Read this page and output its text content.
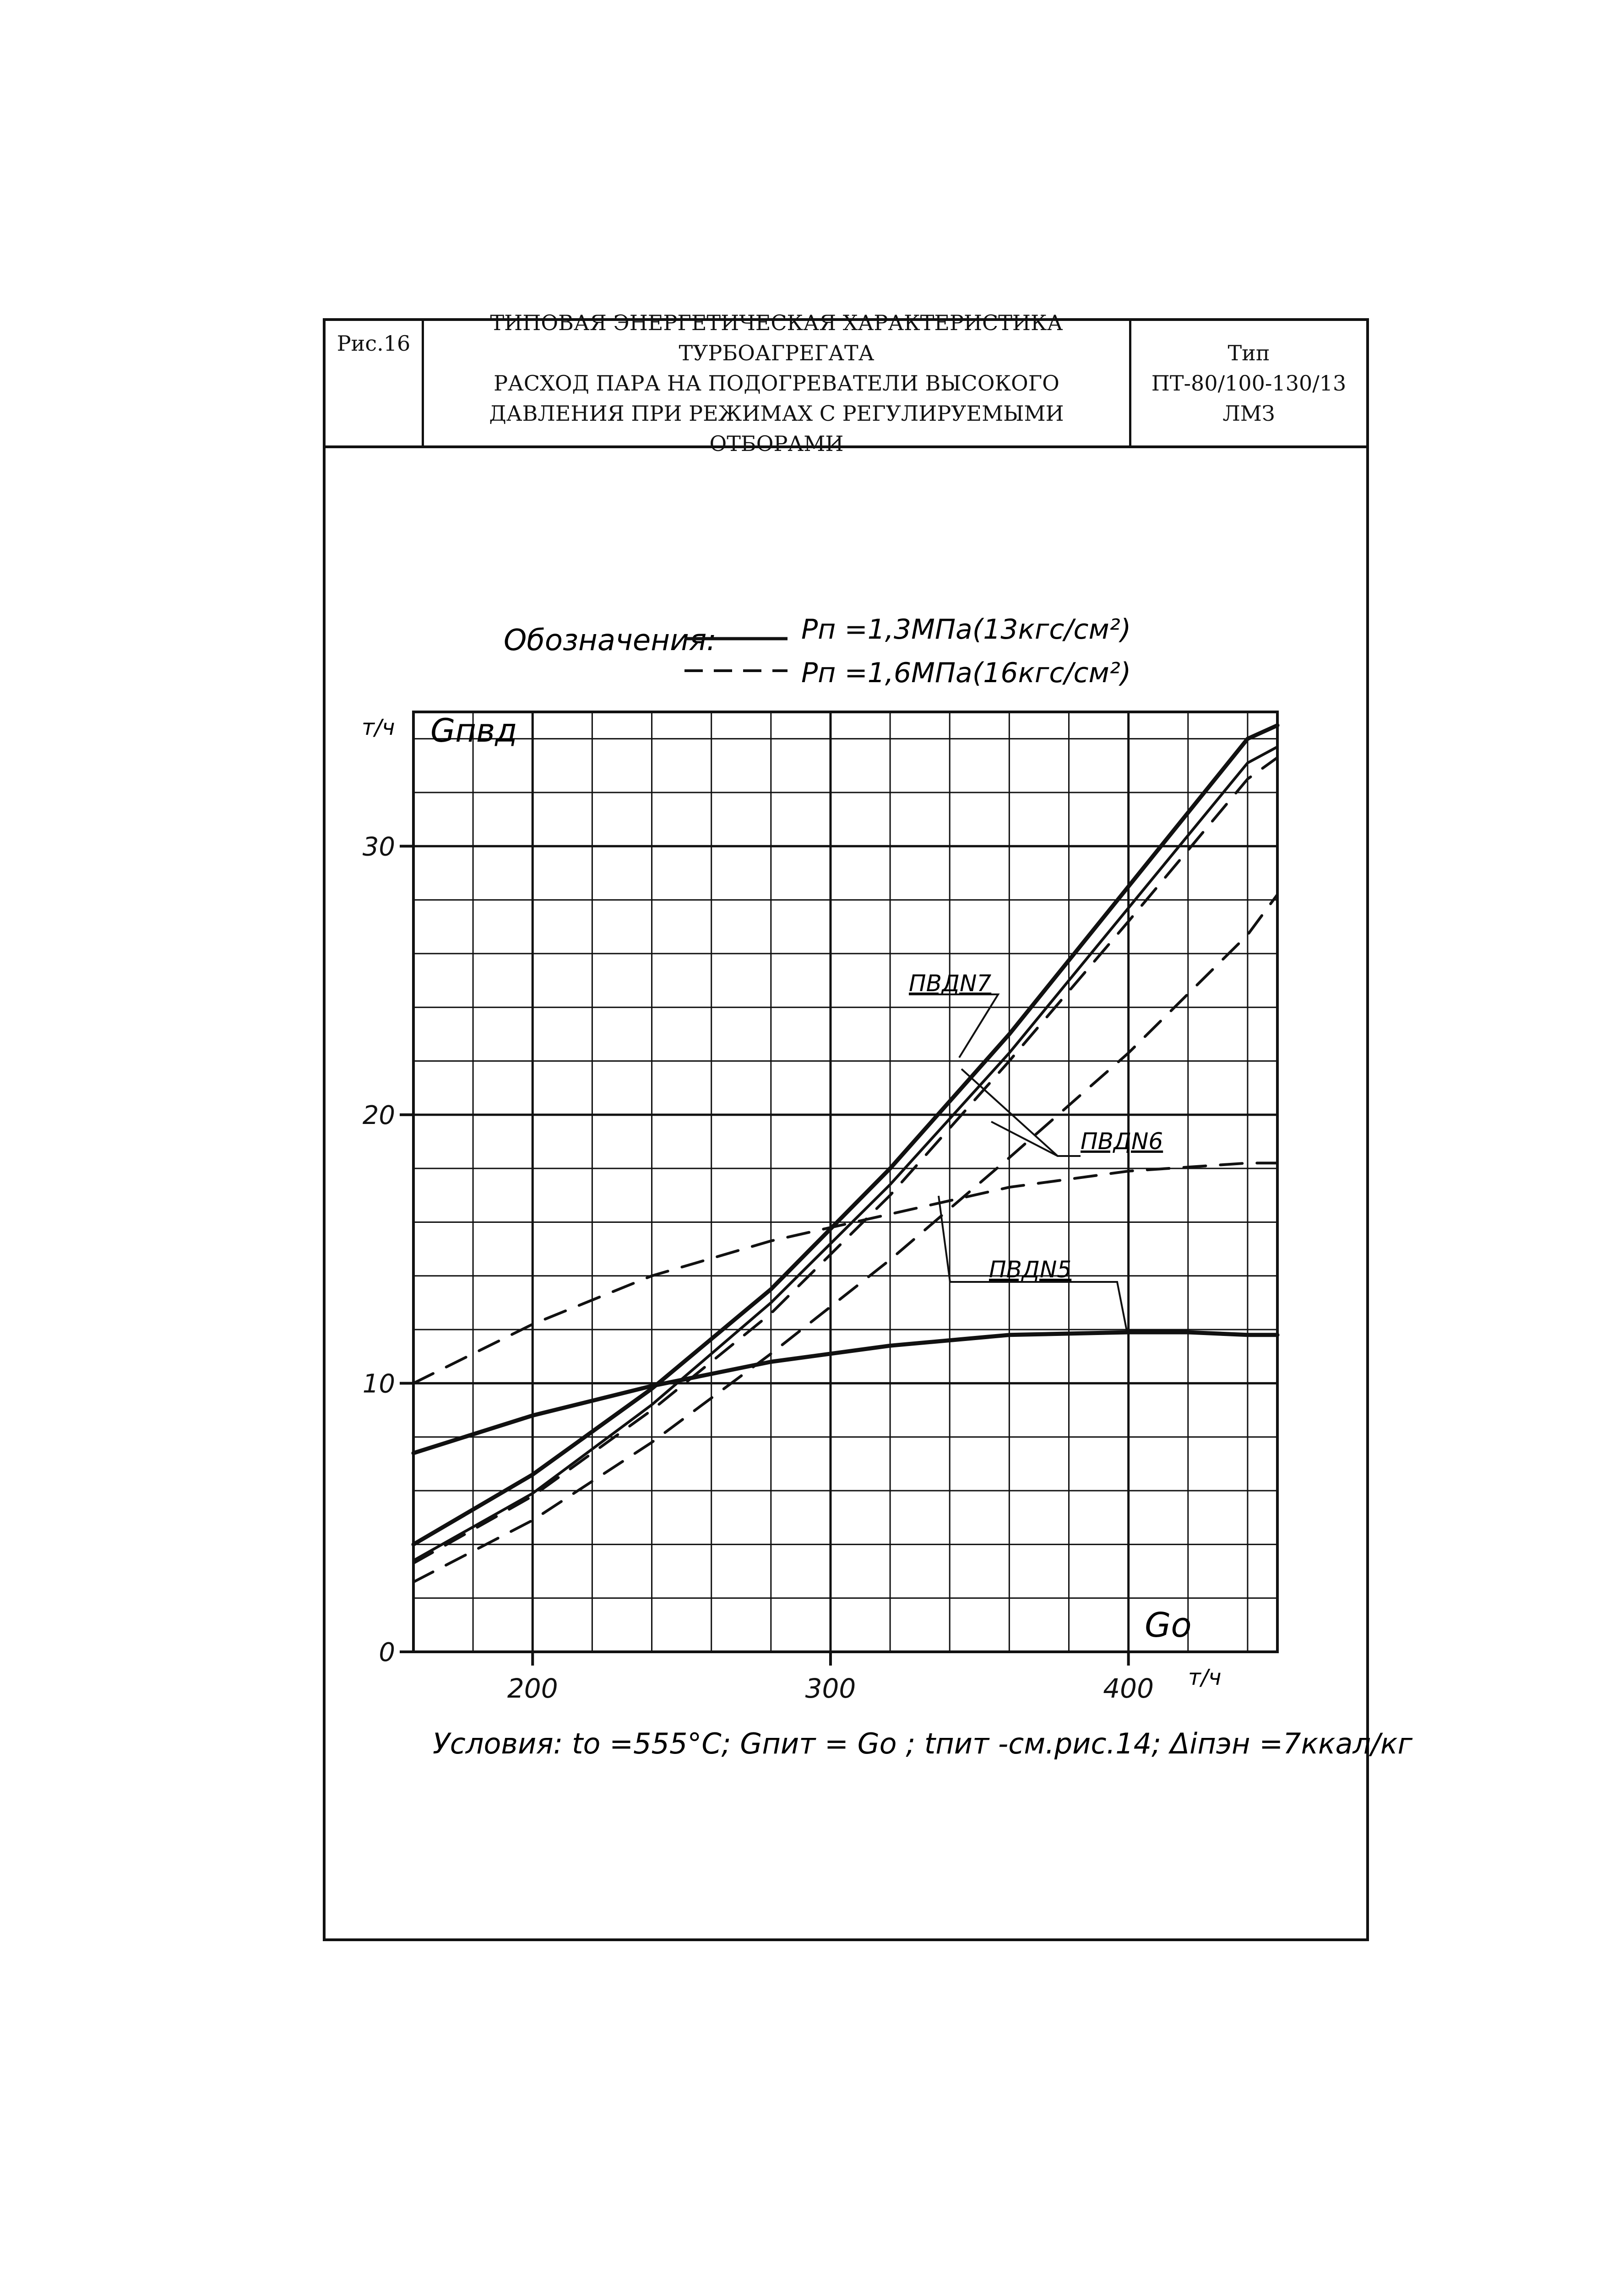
Рис.16
ТИПОВАЯ ЭНЕРГЕТИЧЕСКАЯ ХАРАКТЕРИСТИКА ТУРБОАГРЕГАТА
РАСХОД ПАРА НА ПОДОГРЕВАТЕЛИ ВЫСОКОГО
ДАВЛЕНИЯ ПРИ РЕЖИМАХ С РЕГУЛИРУЕМЫМИ ОТБОРАМИ
Тип
ПТ-80/100-130/13
ЛМЗ
0
10
20
30
200	300	400
Обозначения:	Pп =1,3МПа(13кгс/см²)
Pп =1,6МПа(16кгс/см²)
Gпвд
т/ч
Gо
т/ч
ПВДN7
ПВДN6
ПВДN5
Условия: tо =555°С; Gпит = Gо ; tпит -см.рис.14; Δiпэн =7ккал/кг
